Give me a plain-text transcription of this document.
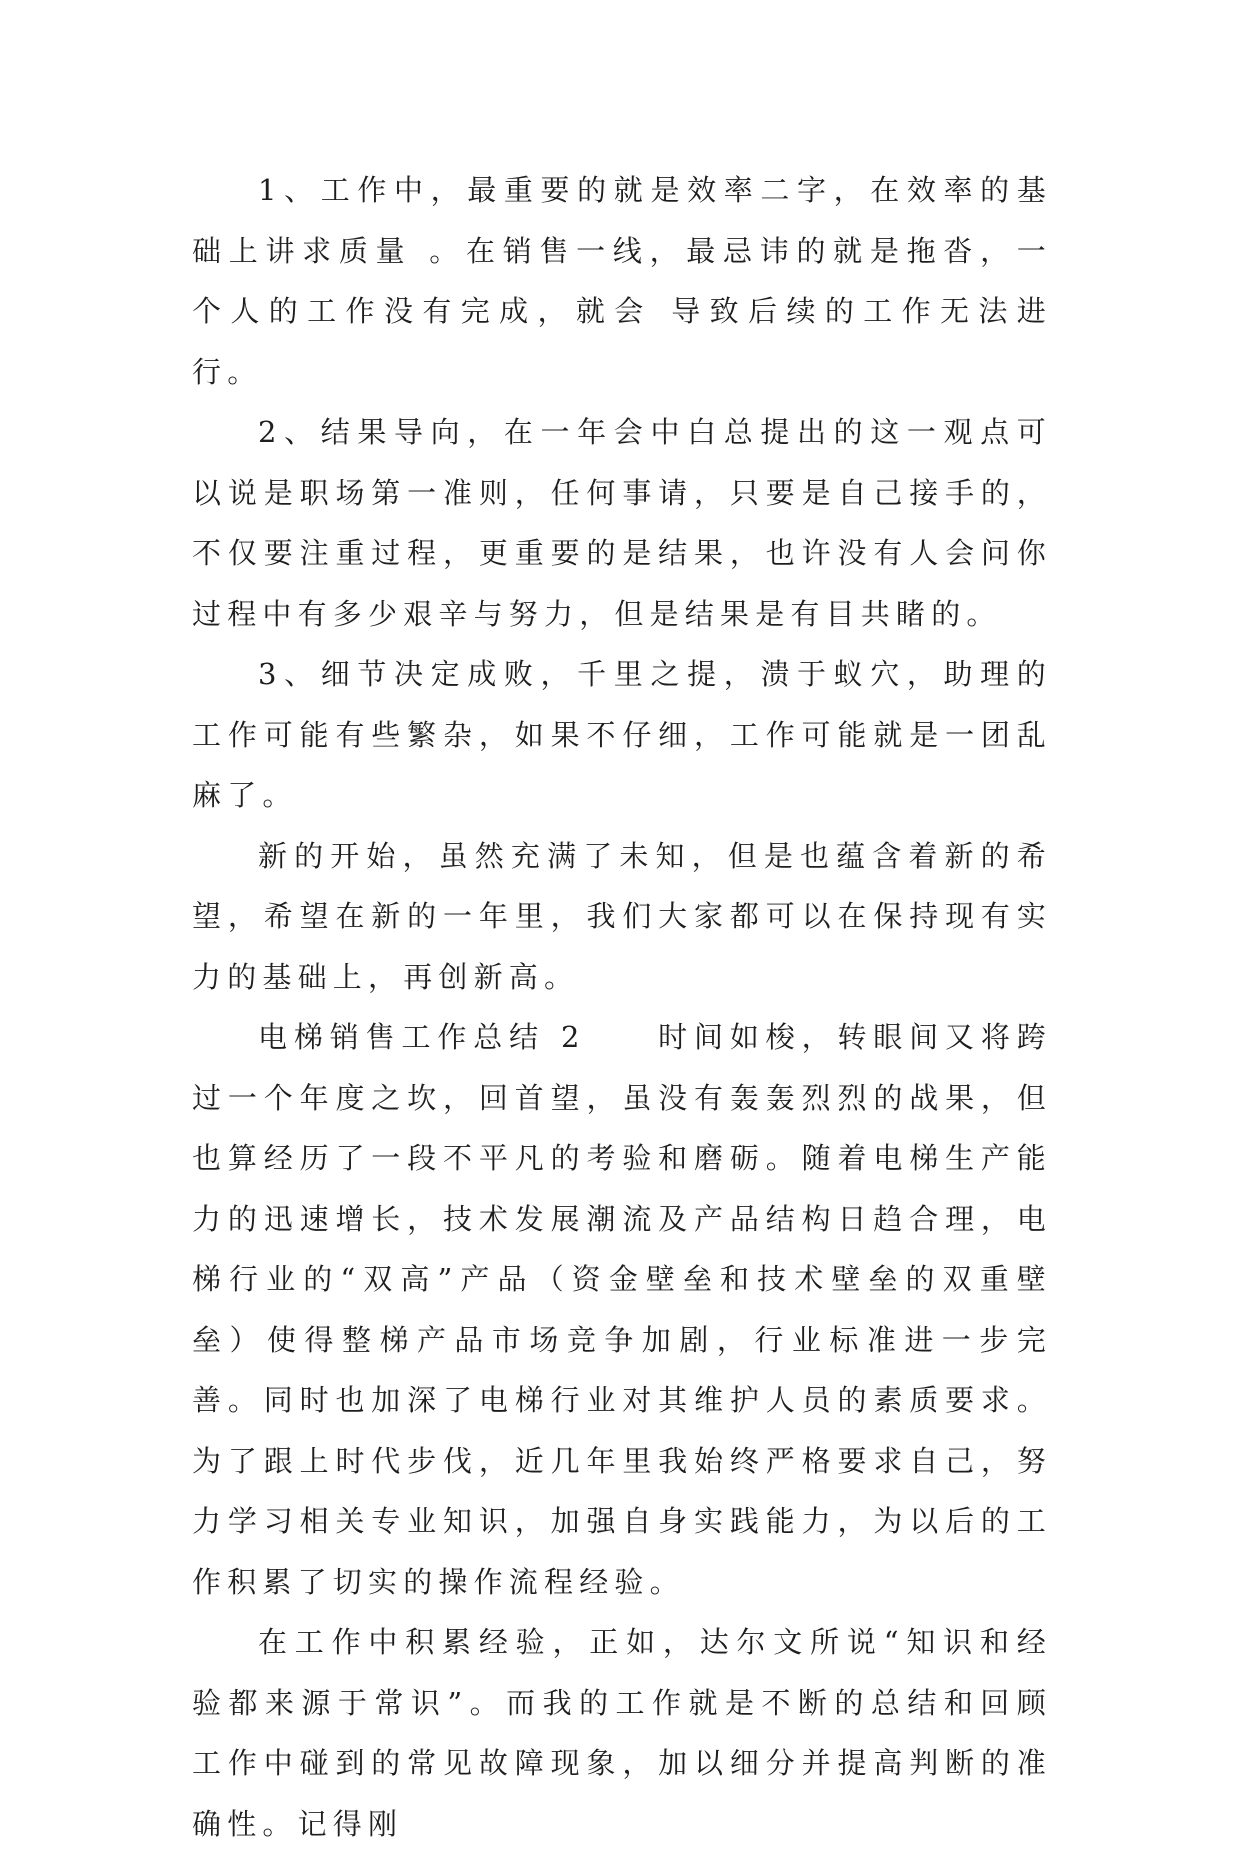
1、工作中，最重要的就是效率二字，在效率的基础上讲求质量 。在销售一线，最忌讳的就是拖沓，一个人的工作没有完成，就会 导致后续的工作无法进行。

2、结果导向，在一年会中白总提出的这一观点可以说是职场第一准则，任何事请，只要是自己接手的，不仅要注重过程，更重要的是结果，也许没有人会问你过程中有多少艰辛与努力，但是结果是有目共睹的。

3、细节决定成败，千里之提，溃于蚁穴，助理的工作可能有些繁杂，如果不仔细，工作可能就是一团乱麻了。

新的开始，虽然充满了未知，但是也蕴含着新的希望，希望在新的一年里，我们大家都可以在保持现有实力的基础上，再创新高。

电梯销售工作总结 2　　时间如梭，转眼间又将跨过一个年度之坎，回首望，虽没有轰轰烈烈的战果，但也算经历了一段不平凡的考验和磨砺。随着电梯生产能力的迅速增长，技术发展潮流及产品结构日趋合理，电梯行业的“双高”产品（资金壁垒和技术壁垒的双重壁垒）使得整梯产品市场竞争加剧，行业标准进一步完善。同时也加深了电梯行业对其维护人员的素质要求。为了跟上时代步伐，近几年里我始终严格要求自己，努力学习相关专业知识，加强自身实践能力，为以后的工作积累了切实的操作流程经验。

在工作中积累经验，正如，达尔文所说“知识和经验都来源于常识”。而我的工作就是不断的总结和回顾工作中碰到的常见故障现象，加以细分并提高判断的准确性。记得刚
